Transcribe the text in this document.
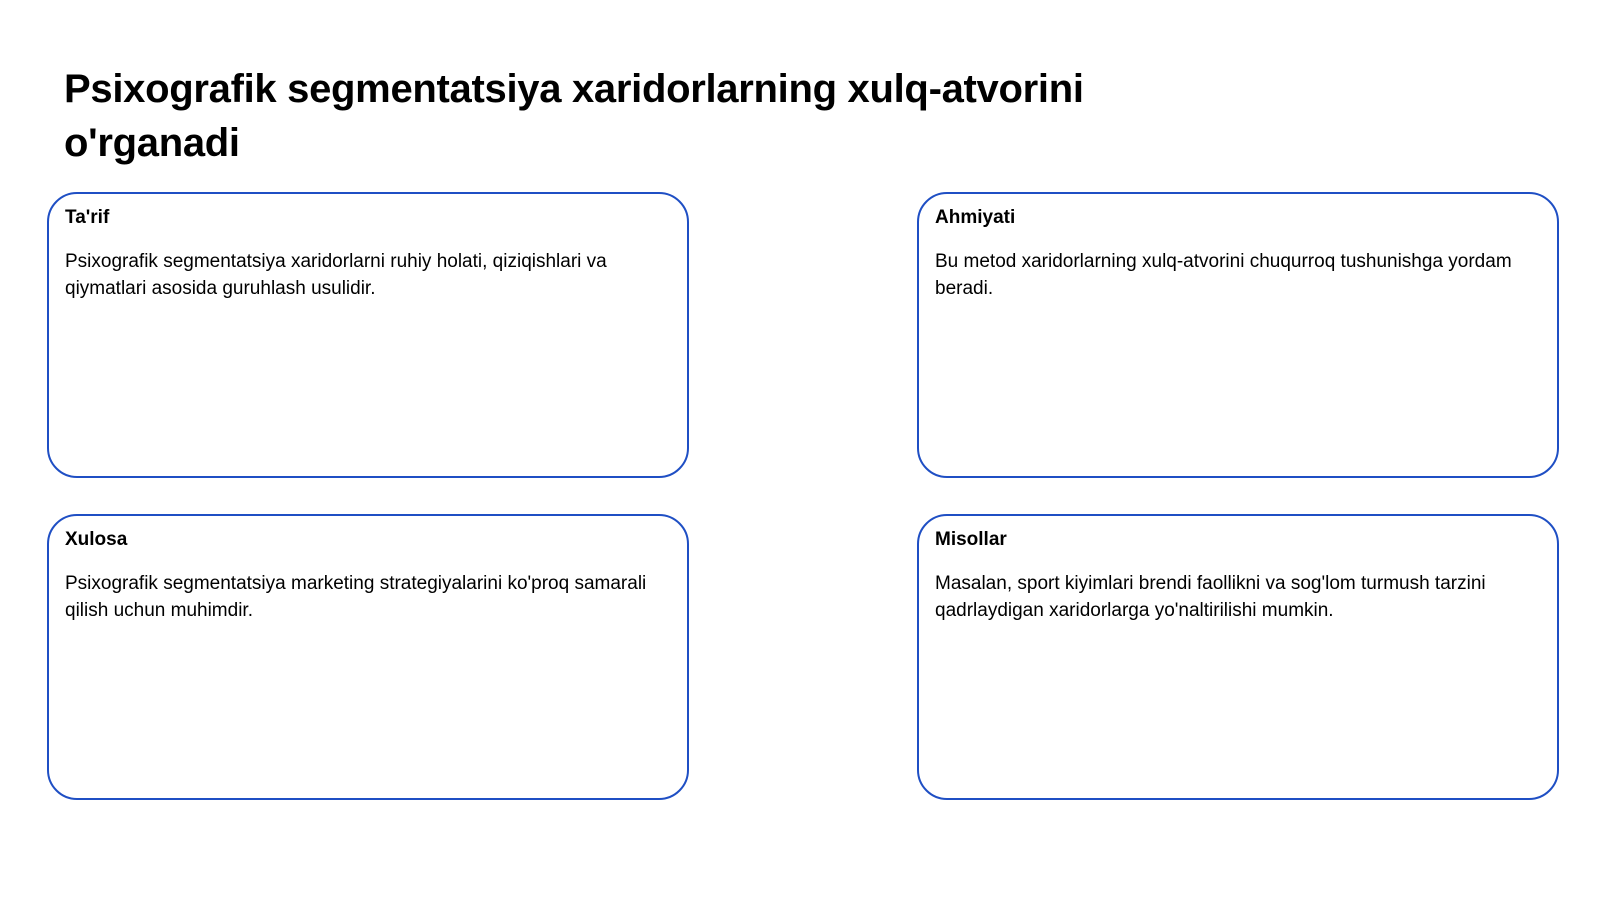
Psixografik segmentatsiya xaridorlarning xulq-atvorini o'rganadi

Ta'rif

Psixografik segmentatsiya xaridorlarni ruhiy holati, qiziqishlari va qiymatlari asosida guruhlash usulidir.

Ahmiyati

Bu metod xaridorlarning xulq-atvorini chuqurroq tushunishga yordam beradi.

Xulosa

Psixografik segmentatsiya marketing strategiyalarini ko'proq samarali qilish uchun muhimdir.

Misollar

Masalan, sport kiyimlari brendi faollikni va sog'lom turmush tarzini qadrlaydigan xaridorlarga yo'naltirilishi mumkin.
